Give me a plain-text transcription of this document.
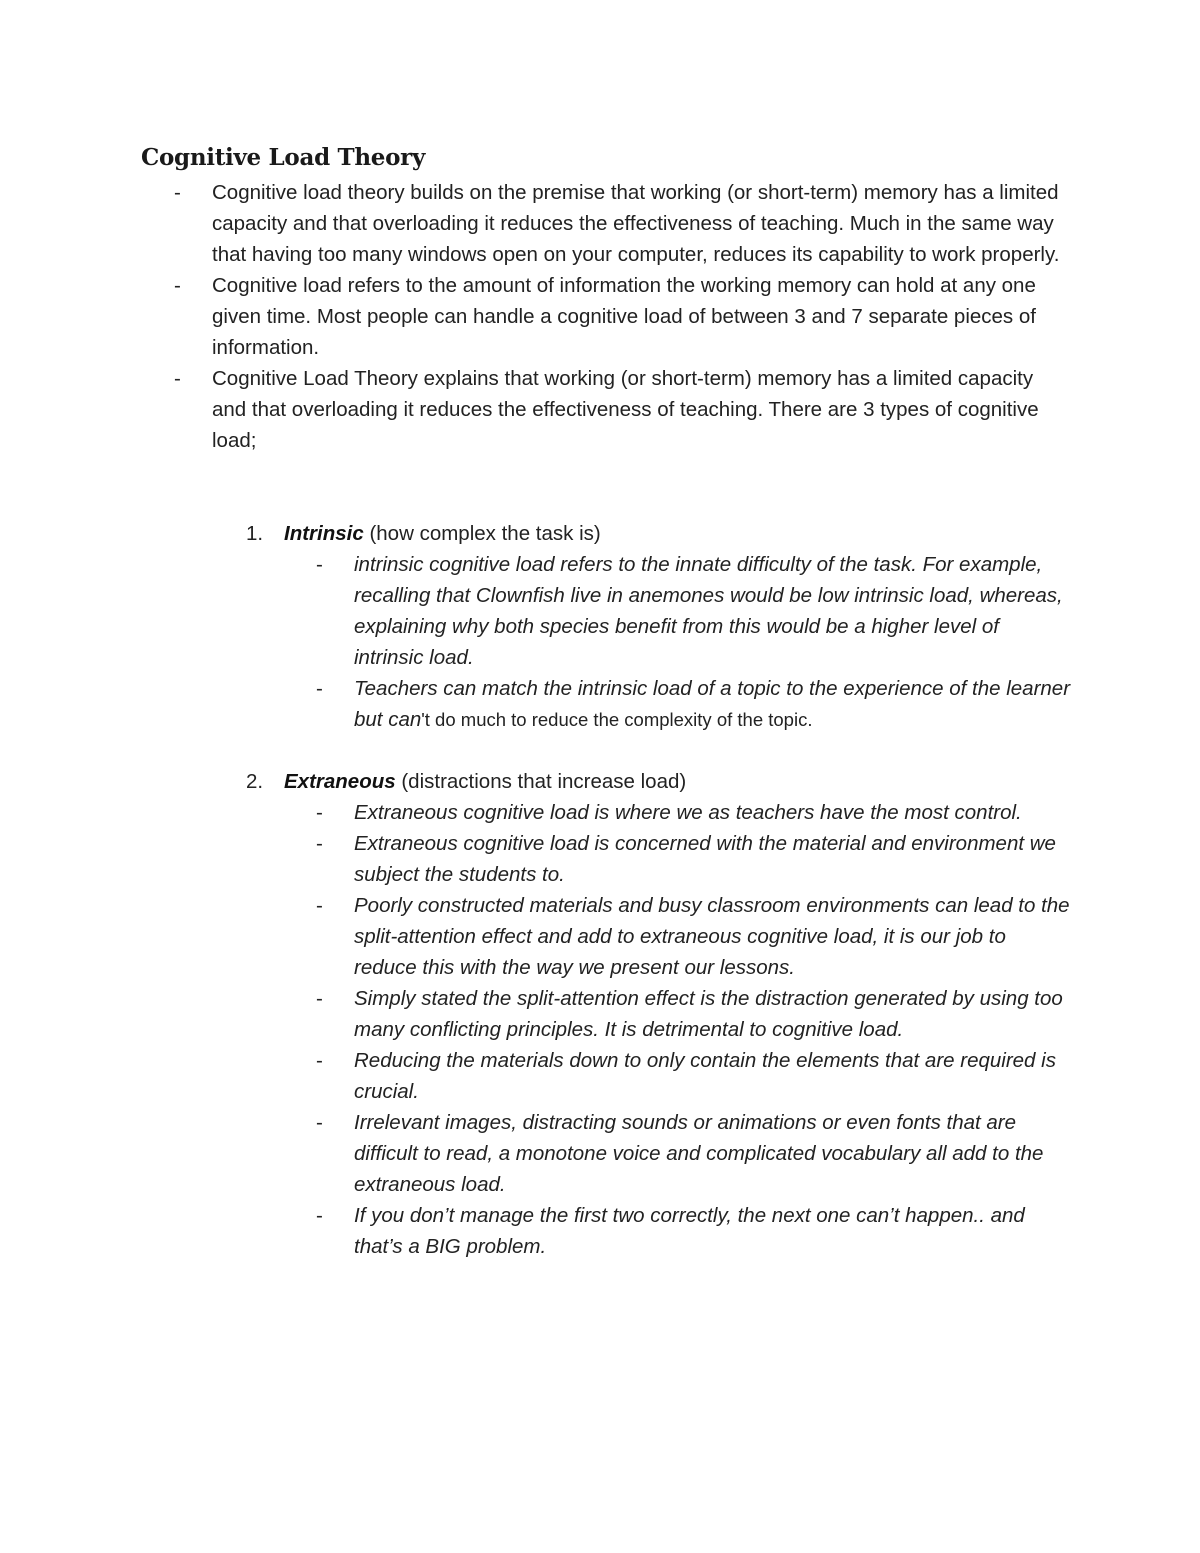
Cognitive Load Theory
- Cognitive load theory builds on the premise that working (or short-term) memory has a limited capacity and that overloading it reduces the effectiveness of teaching. Much in the same way that having too many windows open on your computer, reduces its capability to work properly.
- Cognitive load refers to the amount of information the working memory can hold at any one given time. Most people can handle a cognitive load of between 3 and 7 separate pieces of information.
- Cognitive Load Theory explains that working (or short-term) memory has a limited capacity and that overloading it reduces the effectiveness of teaching. There are 3 types of cognitive load;
1. Intrinsic (how complex the task is)
- intrinsic cognitive load refers to the innate difficulty of the task. For example, recalling that Clownfish live in anemones would be low intrinsic load, whereas, explaining why both species benefit from this would be a higher level of intrinsic load.
- Teachers can match the intrinsic load of a topic to the experience of the learner but can't do much to reduce the complexity of the topic.
2. Extraneous (distractions that increase load)
- Extraneous cognitive load is where we as teachers have the most control.
- Extraneous cognitive load is concerned with the material and environment we subject the students to.
- Poorly constructed materials and busy classroom environments can lead to the split-attention effect and add to extraneous cognitive load, it is our job to reduce this with the way we present our lessons.
- Simply stated the split-attention effect is the distraction generated by using too many conflicting principles. It is detrimental to cognitive load.
- Reducing the materials down to only contain the elements that are required is crucial.
- Irrelevant images, distracting sounds or animations or even fonts that are difficult to read, a monotone voice and complicated vocabulary all add to the extraneous load.
- If you don’t manage the first two correctly, the next one can’t happen.. and that’s a BIG problem.
